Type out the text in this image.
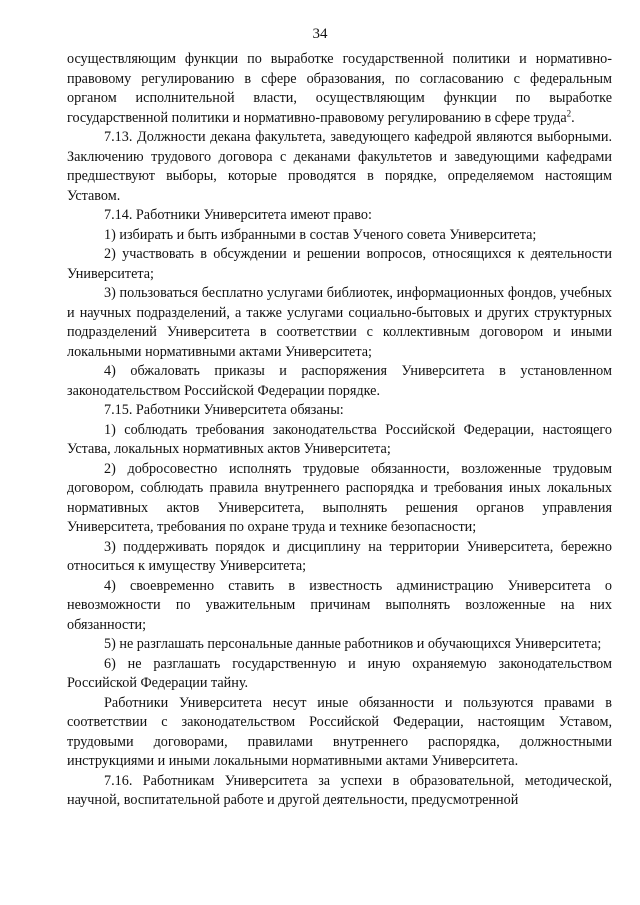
34

осуществляющим функции по выработке государственной политики и нормативно-правовому регулированию в сфере образования, по согласованию с федеральным органом исполнительной власти, осуществляющим функции по выработке государственной политики и нормативно-правовому регулированию в сфере труда$^2$.

7.13. Должности декана факультета, заведующего кафедрой являются выборными. Заключению трудового договора с деканами факультетов и заведующими кафедрами предшествуют выборы, которые проводятся в порядке, определяемом настоящим Уставом.

7.14. Работники Университета имеют право:

1) избирать и быть избранными в состав Ученого совета Университета;

2) участвовать в обсуждении и решении вопросов, относящихся к деятельности Университета;

3) пользоваться бесплатно услугами библиотек, информационных фондов, учебных и научных подразделений, а также услугами социально-бытовых и других структурных подразделений Университета в соответствии с коллективным договором и иными локальными нормативными актами Университета;

4) обжаловать приказы и распоряжения Университета в установленном законодательством Российской Федерации порядке.

7.15. Работники Университета обязаны:

1) соблюдать требования законодательства Российской Федерации, настоящего Устава, локальных нормативных актов Университета;

2) добросовестно исполнять трудовые обязанности, возложенные трудовым договором, соблюдать правила внутреннего распорядка и требования иных локальных нормативных актов Университета, выполнять решения органов управления Университета, требования по охране труда и технике безопасности;

3) поддерживать порядок и дисциплину на территории Университета, бережно относиться к имуществу Университета;

4) своевременно ставить в известность администрацию Университета о невозможности по уважительным причинам выполнять возложенные на них обязанности;

5) не разглашать персональные данные работников и обучающихся Университета;

6) не разглашать государственную и иную охраняемую законодательством Российской Федерации тайну.

Работники Университета несут иные обязанности и пользуются правами в соответствии с законодательством Российской Федерации, настоящим Уставом, трудовыми договорами, правилами внутреннего распорядка, должностными инструкциями и иными локальными нормативными актами Университета.

7.16. Работникам Университета за успехи в образовательной, методической, научной, воспитательной работе и другой деятельности, предусмотренной
